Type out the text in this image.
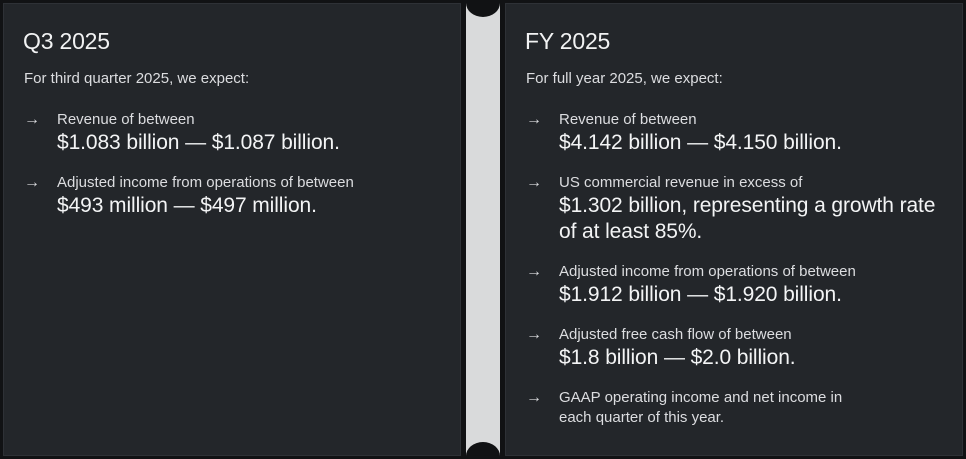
Q3 2025
For third quarter 2025, we expect:
→ Revenue of between
$1.083 billion — $1.087 billion.
→ Adjusted income from operations of between
$493 million — $497 million.
FY 2025
For full year 2025, we expect:
→ Revenue of between
$4.142 billion — $4.150 billion.
→ US commercial revenue in excess of
$1.302 billion, representing a growth rate of at least 85%.
→ Adjusted income from operations of between
$1.912 billion — $1.920 billion.
→ Adjusted free cash flow of between
$1.8 billion — $2.0 billion.
→ GAAP operating income and net income in each quarter of this year.
